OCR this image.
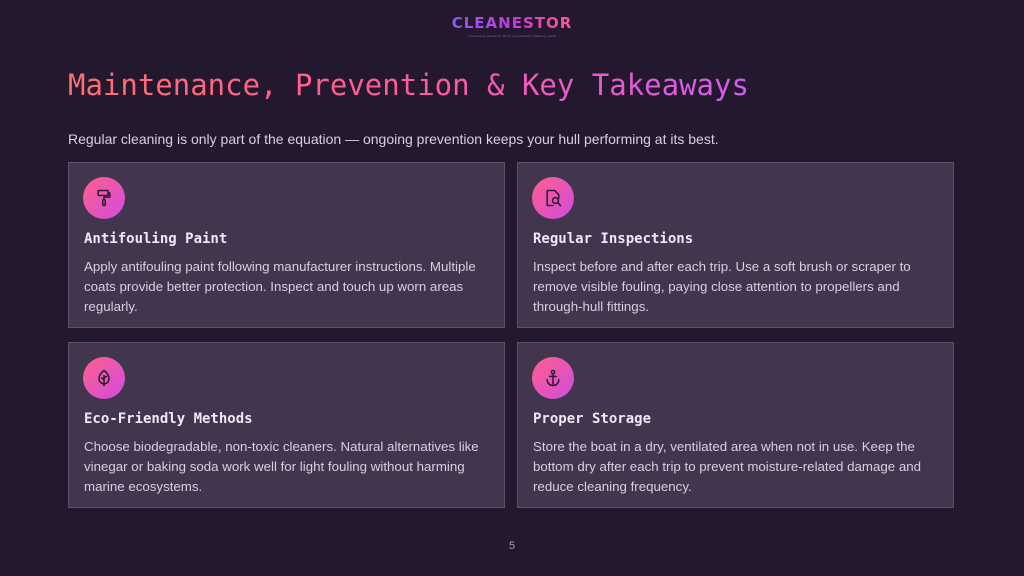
CLEANESTOR
The leading choice for all of your boat hull cleaning needs
Maintenance, Prevention & Key Takeaways

Regular cleaning is only part of the equation — ongoing prevention keeps your hull performing at its best.

Antifouling Paint
Apply antifouling paint following manufacturer instructions. Multiple coats provide better protection. Inspect and touch up worn areas regularly.
Regular Inspections
Inspect before and after each trip. Use a soft brush or scraper to remove visible fouling, paying close attention to propellers and through-hull fittings.
Eco-Friendly Methods
Choose biodegradable, non-toxic cleaners. Natural alternatives like vinegar or baking soda work well for light fouling without harming marine ecosystems.
Proper Storage
Store the boat in a dry, ventilated area when not in use. Keep the bottom dry after each trip to prevent moisture-related damage and reduce cleaning frequency.
5
